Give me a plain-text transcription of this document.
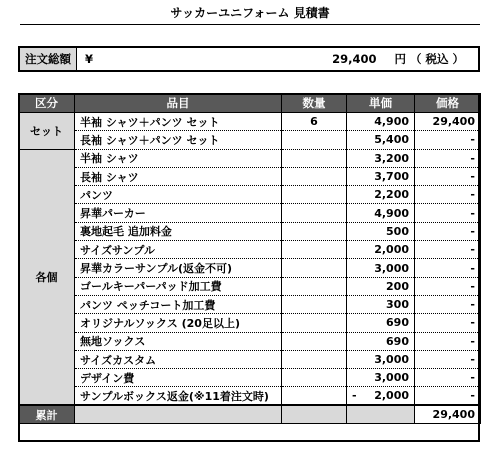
サッカーユニフォーム 見積書
注文総額	¥	29,400 円 （ 税込 ）
区分	品目	数量	単価	価格
セット	半袖 シャツ＋パンツ セット	6	4,900	29,400
	長袖 シャツ＋パンツ セット		5,400	-
各個	半袖 シャツ		3,200	-
	長袖 シャツ		3,700	-
	パンツ		2,200	-
	昇華パーカー		4,900	-
	裏地起毛 追加料金		500	-
	サイズサンプル		2,000	-
	昇華カラーサンプル(返金不可)		3,000	-
	ゴールキーパーパッド加工費		200	-
	パンツ ペッチコート加工費		300	-
	オリジナルソックス (20足以上)		690	-
	無地ソックス		690	-
	サイズカスタム		3,000	-
	デザイン費		3,000	-
	サンプルボックス返金(※11着注文時)		- 2,000	-
累計				29,400
